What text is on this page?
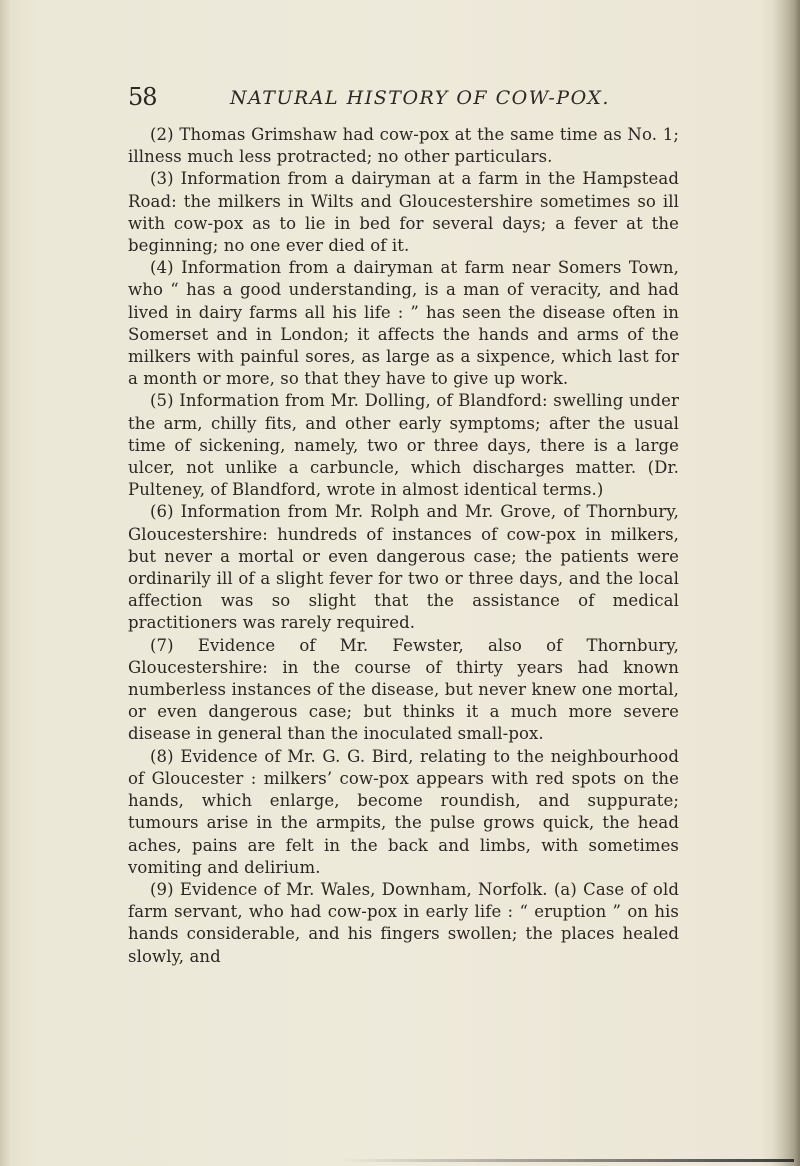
58	NATURAL HISTORY OF COW-POX.

(2) Thomas Grimshaw had cow-pox at the same time as No. 1; illness much less protracted; no other particulars.

(3) Information from a dairyman at a farm in the Hampstead Road: the milkers in Wilts and Gloucestershire sometimes so ill with cow-pox as to lie in bed for several days; a fever at the beginning; no one ever died of it.

(4) Information from a dairyman at farm near Somers Town, who “ has a good understanding, is a man of veracity, and had lived in dairy farms all his life : ” has seen the disease often in Somerset and in London; it affects the hands and arms of the milkers with painful sores, as large as a sixpence, which last for a month or more, so that they have to give up work.

(5) Information from Mr. Dolling, of Blandford: swelling under the arm, chilly fits, and other early symptoms; after the usual time of sickening, namely, two or three days, there is a large ulcer, not unlike a carbuncle, which discharges matter. (Dr. Pulteney, of Blandford, wrote in almost identical terms.)

(6) Information from Mr. Rolph and Mr. Grove, of Thornbury, Gloucestershire: hundreds of instances of cow-pox in milkers, but never a mortal or even dangerous case; the patients were ordinarily ill of a slight fever for two or three days, and the local affection was so slight that the assistance of medical practitioners was rarely required.

(7) Evidence of Mr. Fewster, also of Thornbury, Gloucestershire: in the course of thirty years had known numberless instances of the disease, but never knew one mortal, or even dangerous case; but thinks it a much more severe disease in general than the inoculated small-pox.

(8) Evidence of Mr. G. G. Bird, relating to the neighbourhood of Gloucester : milkers’ cow-pox appears with red spots on the hands, which enlarge, become roundish, and suppurate; tumours arise in the armpits, the pulse grows quick, the head aches, pains are felt in the back and limbs, with sometimes vomiting and delirium.

(9) Evidence of Mr. Wales, Downham, Norfolk. (a) Case of old farm servant, who had cow-pox in early life : “ eruption ” on his hands considerable, and his fingers swollen; the places healed slowly, and
